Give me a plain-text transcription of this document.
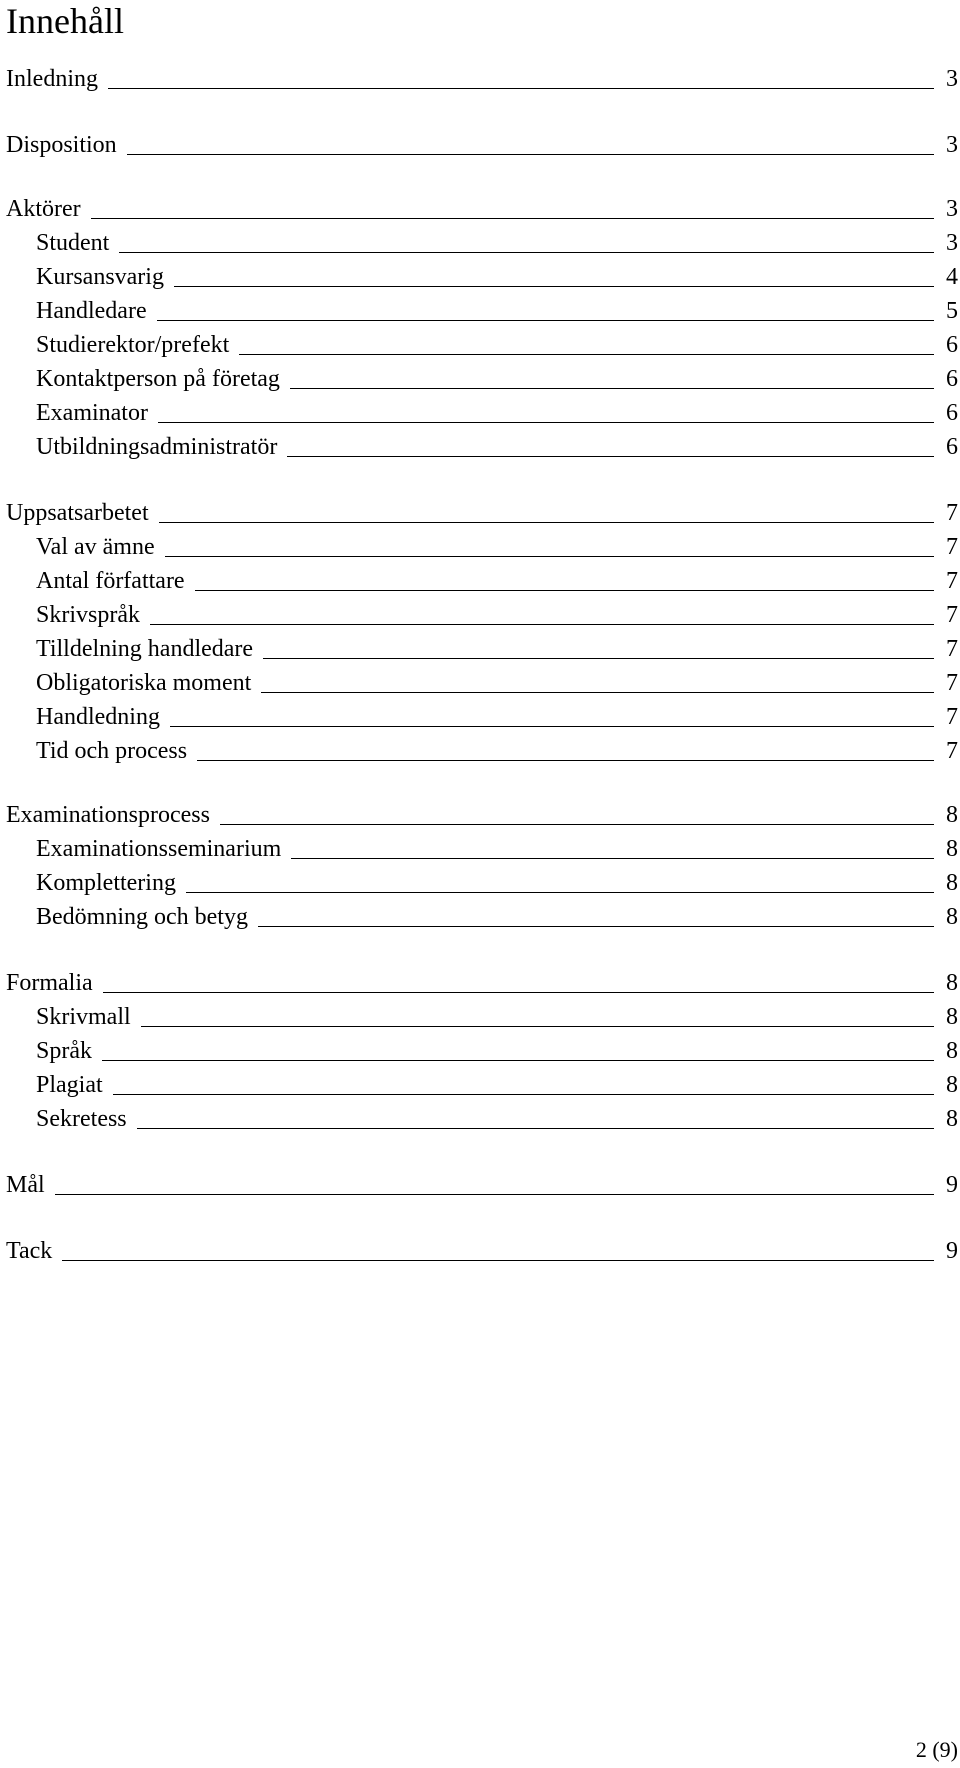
Innehåll
Inledning	3
Disposition	3
Aktörer	3
Student	3
Kursansvarig	4
Handledare	5
Studierektor/prefekt	6
Kontaktperson på företag	6
Examinator	6
Utbildningsadministratör	6
Uppsatsarbetet	7
Val av ämne	7
Antal författare	7
Skrivspråk	7
Tilldelning handledare	7
Obligatoriska moment	7
Handledning	7
Tid och process	7
Examinationsprocess	8
Examinationsseminarium	8
Komplettering	8
Bedömning och betyg	8
Formalia	8
Skrivmall	8
Språk	8
Plagiat	8
Sekretess	8
Mål	9
Tack	9
2 (9)
